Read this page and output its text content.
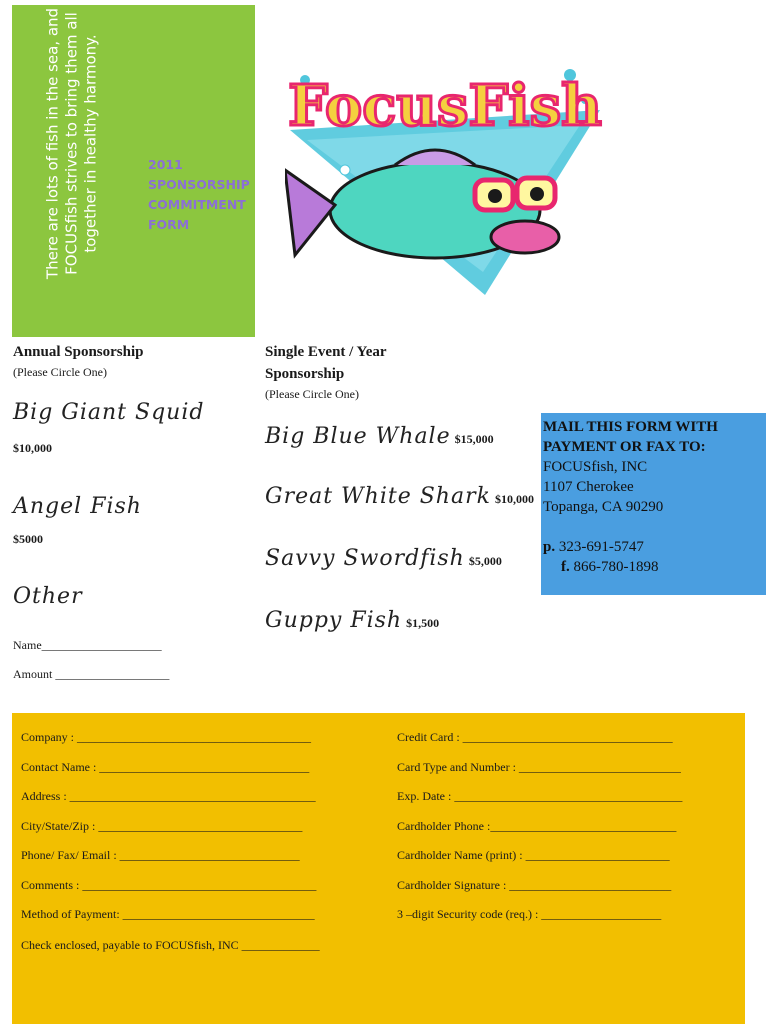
There are lots of fish in the sea, and FOCUSfish strives to bring them all together in healthy harmony.	2011
SPONSORSHIP
COMMITMENT
FORM
FocusFish
Annual Sponsorship
(Please Circle One)
Big Giant Squid
$10,000
Angel Fish
$5000
Other
Name____________________
Amount ___________________
Single Event / Year
Sponsorship
(Please Circle One)
Big Blue Whale $15,000
Great White Shark $10,000
Savvy Swordfish $5,000
Guppy Fish $1,500
MAIL THIS FORM WITH
PAYMENT OR FAX TO:
FOCUSfish, INC
1107 Cherokee
Topanga, CA 90290
p. 323-691-5747
f. 866-780-1898
Company : _______________________________________
Contact Name : ___________________________________
Address : _________________________________________
City/State/Zip : __________________________________
Phone/ Fax/ Email : ______________________________
Comments : _______________________________________
Method of Payment: ________________________________
Check enclosed, payable to FOCUSfish, INC _____________
Credit Card : ___________________________________
Card Type and Number : ___________________________
Exp. Date : ______________________________________
Cardholder Phone :_______________________________
Cardholder Name (print) : ________________________
Cardholder Signature : ___________________________
3 –digit Security code (req.) : ____________________
